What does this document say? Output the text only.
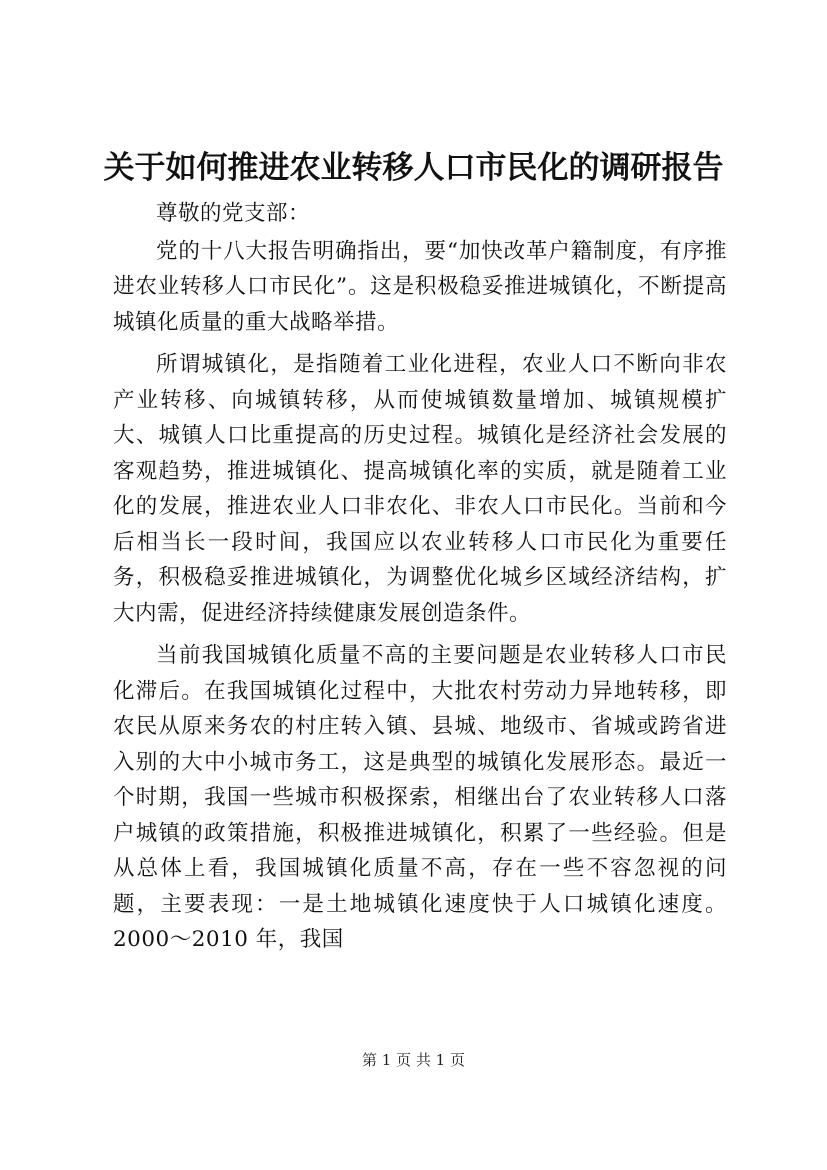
关于如何推进农业转移人口市民化的调研报告

尊敬的党支部：

党的十八大报告明确指出，要“加快改革户籍制度，有序推进农业转移人口市民化”。这是积极稳妥推进城镇化，不断提高城镇化质量的重大战略举措。

所谓城镇化，是指随着工业化进程，农业人口不断向非农产业转移、向城镇转移，从而使城镇数量增加、城镇规模扩大、城镇人口比重提高的历史过程。城镇化是经济社会发展的客观趋势，推进城镇化、提高城镇化率的实质，就是随着工业化的发展，推进农业人口非农化、非农人口市民化。当前和今后相当长一段时间，我国应以农业转移人口市民化为重要任务，积极稳妥推进城镇化，为调整优化城乡区域经济结构，扩大内需，促进经济持续健康发展创造条件。

当前我国城镇化质量不高的主要问题是农业转移人口市民化滞后。在我国城镇化过程中，大批农村劳动力异地转移，即农民从原来务农的村庄转入镇、县城、地级市、省城或跨省进入别的大中小城市务工，这是典型的城镇化发展形态。最近一个时期，我国一些城市积极探索，相继出台了农业转移人口落户城镇的政策措施，积极推进城镇化，积累了一些经验。但是从总体上看，我国城镇化质量不高，存在一些不容忽视的问题，主要表现：一是土地城镇化速度快于人口城镇化速度。2000～2010 年，我国

第 1 页 共 1 页
